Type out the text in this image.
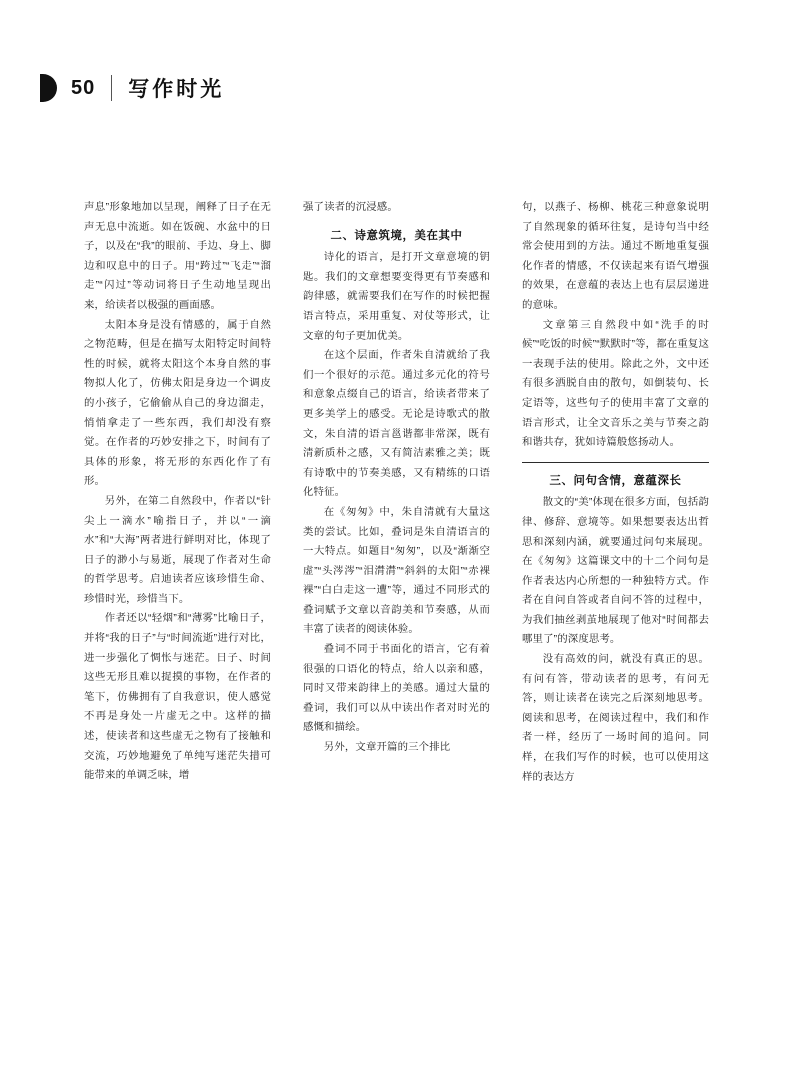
50 写作时光

声息”形象地加以呈现，阐释了日子在无声无息中流逝。如在饭碗、水盆中的日子，以及在“我”的眼前、手边、身上、脚边和叹息中的日子。用“跨过”“飞走”“溜走”“闪过”等动词将日子生动地呈现出来，给读者以极强的画面感。

太阳本身是没有情感的，属于自然之物范畴，但是在描写太阳特定时间特性的时候，就将太阳这个本身自然的事物拟人化了，仿佛太阳是身边一个调皮的小孩子，它偷偷从自己的身边溜走，悄悄拿走了一些东西，我们却没有察觉。在作者的巧妙安排之下，时间有了具体的形象，将无形的东西化作了有形。

另外，在第二自然段中，作者以“针尖上一滴水”喻指日子，并以“一滴水”和“大海”两者进行鲜明对比，体现了日子的渺小与易逝，展现了作者对生命的哲学思考。启迪读者应该珍惜生命、珍惜时光，珍惜当下。

作者还以“轻烟”和“薄雾”比喻日子，并将“我的日子”与“时间流逝”进行对比，进一步强化了惆怅与迷茫。日子、时间这些无形且难以捉摸的事物，在作者的笔下，仿佛拥有了自我意识，使人感觉不再是身处一片虚无之中。这样的描述，使读者和这些虚无之物有了接触和交流，巧妙地避免了单纯写迷茫失措可能带来的单调乏味，增

强了读者的沉浸感。

二、诗意筑境，美在其中

诗化的语言，是打开文章意境的钥匙。我们的文章想要变得更有节奏感和韵律感，就需要我们在写作的时候把握语言特点，采用重复、对仗等形式，让文章的句子更加优美。

在这个层面，作者朱自清就给了我们一个很好的示范。通过多元化的符号和意象点缀自己的语言，给读者带来了更多美学上的感受。无论是诗歌式的散文，朱自清的语言邕谐都非常深，既有清新质朴之感，又有简洁素雅之美；既有诗歌中的节奏美感，又有精练的口语化特征。

在《匆匆》中，朱自清就有大量这类的尝试。比如，叠词是朱自清语言的一大特点。如题目“匆匆”，以及“渐渐空虚”“头涔涔”“泪潸潸”“斜斜的太阳”“赤裸裸”“白白走这一遭”等，通过不同形式的叠词赋予文章以音韵美和节奏感，从而丰富了读者的阅读体验。

叠词不同于书面化的语言，它有着很强的口语化的特点，给人以亲和感，同时又带来韵律上的美感。通过大量的叠词，我们可以从中读出作者对时光的感慨和描绘。

另外，文章开篇的三个排比

句，以燕子、杨柳、桃花三种意象说明了自然现象的循环往复，是诗句当中经常会使用到的方法。通过不断地重复强化作者的情感，不仅读起来有语气增强的效果，在意蕴的表达上也有层层递进的意味。

文章第三自然段中如“洗手的时候”“吃饭的时候”“默默时”等，都在重复这一表现手法的使用。除此之外，文中还有很多洒脱自由的散句，如倒装句、长定语等，这些句子的使用丰富了文章的语言形式，让全文音乐之美与节奏之韵和谐共存，犹如诗篇般悠扬动人。

三、问句含情，意蕴深长

散文的“美”体现在很多方面，包括韵律、修辞、意境等。如果想要表达出哲思和深刻内涵，就要通过问句来展现。在《匆匆》这篇课文中的十二个问句是作者表达内心所想的一种独特方式。作者在自问自答或者自问不答的过程中，为我们抽丝剥茧地展现了他对“时间都去哪里了”的深度思考。

没有高效的问，就没有真正的思。有问有答，带动读者的思考，有问无答，则让读者在读完之后深刻地思考。阅读和思考，在阅读过程中，我们和作者一样，经历了一场时间的追问。同样，在我们写作的时候，也可以使用这样的表达方
